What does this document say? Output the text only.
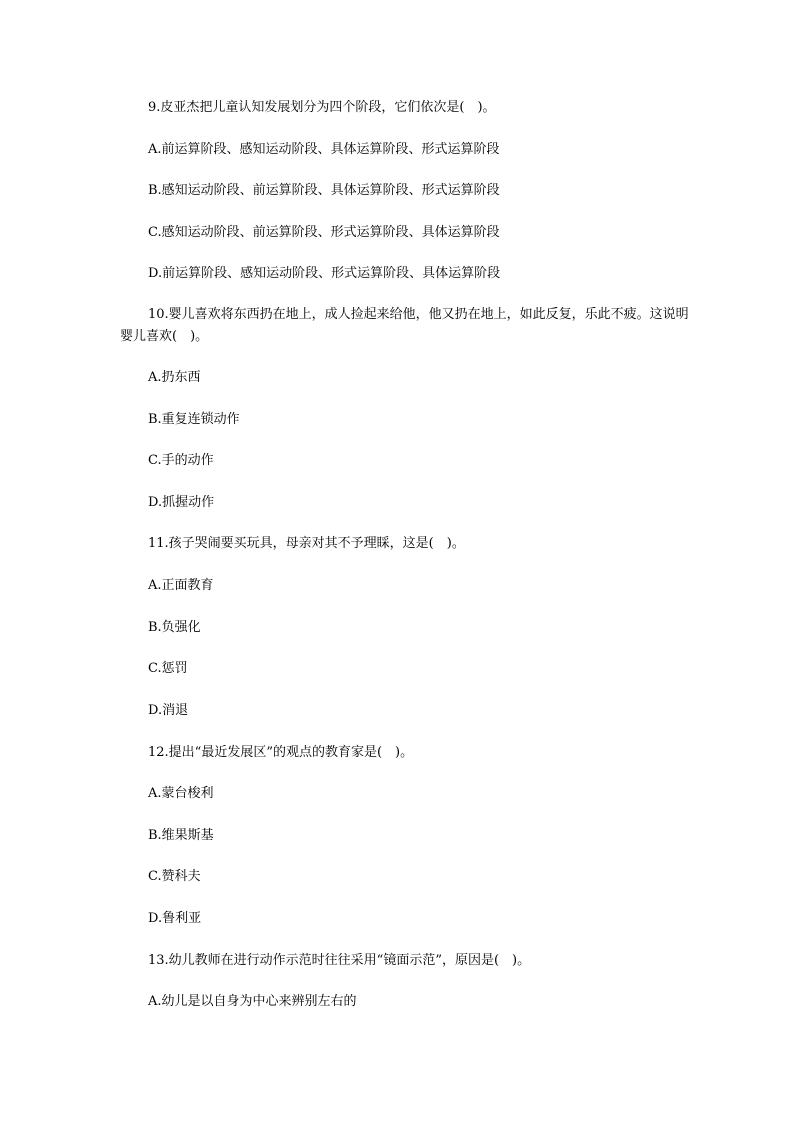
9.皮亚杰把儿童认知发展划分为四个阶段，它们依次是(　)。
A.前运算阶段、感知运动阶段、具体运算阶段、形式运算阶段
B.感知运动阶段、前运算阶段、具体运算阶段、形式运算阶段
C.感知运动阶段、前运算阶段、形式运算阶段、具体运算阶段
D.前运算阶段、感知运动阶段、形式运算阶段、具体运算阶段
10.婴儿喜欢将东西扔在地上，成人捡起来给他，他又扔在地上，如此反复，乐此不疲。这说明婴儿喜欢(　)。
A.扔东西
B.重复连锁动作
C.手的动作
D.抓握动作
11.孩子哭闹要买玩具，母亲对其不予理睬，这是(　)。
A.正面教育
B.负强化
C.惩罚
D.消退
12.提出“最近发展区”的观点的教育家是(　)。
A.蒙台梭利
B.维果斯基
C.赞科夫
D.鲁利亚
13.幼儿教师在进行动作示范时往往采用“镜面示范”，原因是(　)。
A.幼儿是以自身为中心来辨别左右的
